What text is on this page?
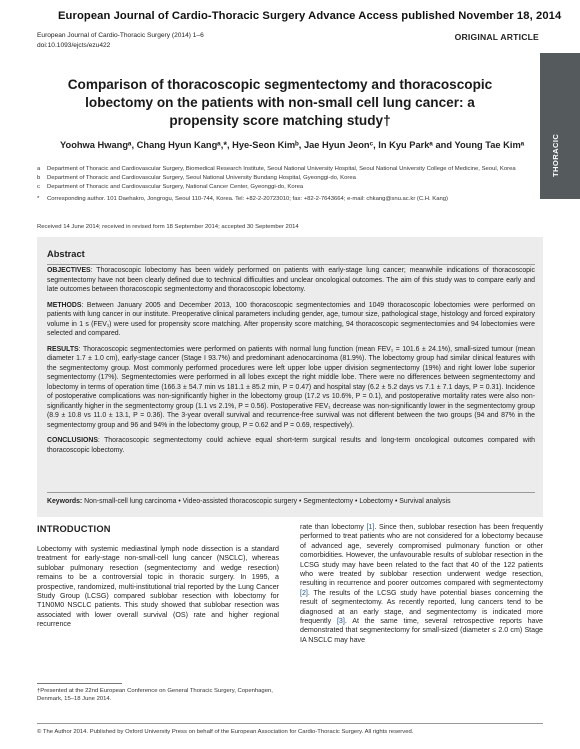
European Journal of Cardio-Thoracic Surgery Advance Access published November 18, 2014
European Journal of Cardio-Thoracic Surgery (2014) 1–6
doi:10.1093/ejcts/ezu422
ORIGINAL ARTICLE
THORACIC
Comparison of thoracoscopic segmentectomy and thoracoscopic lobectomy on the patients with non-small cell lung cancer: a propensity score matching study†
Yoohwa Hwangᵃ, Chang Hyun Kangᵃ,*, Hye-Seon Kimᵇ, Jae Hyun Jeonᶜ, In Kyu Parkᵃ and Young Tae Kimᵃ
a Department of Thoracic and Cardiovascular Surgery, Biomedical Research Institute, Seoul National University Hospital, Seoul National University College of Medicine, Seoul, Korea
b Department of Thoracic and Cardiovascular Surgery, Seoul National University Bundang Hospital, Gyeonggi-do, Korea
c Department of Thoracic and Cardiovascular Surgery, National Cancer Center, Gyeonggi-do, Korea
* Corresponding author. 101 Daehakro, Jongrogu, Seoul 110-744, Korea. Tel: +82-2-20723010; fax: +82-2-7643664; e-mail: chkang@snu.ac.kr (C.H. Kang)
Received 14 June 2014; received in revised form 18 September 2014; accepted 30 September 2014
Abstract

OBJECTIVES: Thoracoscopic lobectomy has been widely performed on patients with early-stage lung cancer; meanwhile indications of thoracoscopic segmentectomy have not been clearly defined due to technical difficulties and unclear oncological outcomes. The aim of this study was to compare early and late outcomes between thoracoscopic segmentectomy and thoracoscopic lobectomy.

METHODS: Between January 2005 and December 2013, 100 thoracoscopic segmentectomies and 1049 thoracoscopic lobectomies were performed on patients with lung cancer in our institute. Preoperative clinical parameters including gender, age, tumour size, pathological stage, histology and forced expiratory volume in 1 s (FEV₁) were used for propensity score matching. After propensity score matching, 94 thoracoscopic segmentectomies and 94 lobectomies were selected and compared.

RESULTS: Thoracoscopic segmentectomies were performed on patients with normal lung function (mean FEV₁ = 101.6 ± 24.1%), small-sized tumour (mean diameter 1.7 ± 1.0 cm), early-stage cancer (Stage I 93.7%) and predominant adenocarcinoma (81.9%). The lobectomy group had similar clinical features with the segmentectomy group. Most commonly performed procedures were left upper lobe upper division segmentectomy (19%) and right lower lobe superior segmentectomy (17%). Segmentectomies were performed in all lobes except the right middle lobe. There were no differences between segmentectomy and lobectomy in terms of operation time (166.3 ± 54.7 min vs 181.1 ± 85.2 min, P = 0.47) and hospital stay (6.2 ± 5.2 days vs 7.1 ± 7.1 days, P = 0.31). Incidence of postoperative complications was non-significantly higher in the lobectomy group (17.2 vs 10.6%, P = 0.1), and postoperative mortality rates were also non-significantly higher in the segmentectomy group (1.1 vs 2.1%, P = 0.56). Postoperative FEV₁ decrease was non-significantly lower in the segmentectomy group (8.9 ± 10.8 vs 11.0 ± 13.1, P = 0.36). The 3-year overall survival and recurrence-free survival was not different between the two groups (94 and 87% in the segmentectomy group and 96 and 94% in the lobectomy group, P = 0.62 and P = 0.69, respectively).

CONCLUSIONS: Thoracoscopic segmentectomy could achieve equal short-term surgical results and long-term oncological outcomes compared with thoracoscopic lobectomy.

Keywords: Non-small-cell lung carcinoma • Video-assisted thoracoscopic surgery • Segmentectomy • Lobectomy • Survival analysis
INTRODUCTION

Lobectomy with systemic mediastinal lymph node dissection is a standard treatment for early-stage non-small-cell lung cancer (NSCLC), whereas sublobar pulmonary resection (segmentectomy and wedge resection) remains to be a controversial topic in thoracic surgery. In 1995, a prospective, randomized, multi-institutional trial reported by the Lung Cancer Study Group (LCSG) compared sublobar resection with lobectomy for T1N0M0 NSCLC patients. This study showed that sublobar resection was associated with lower overall survival (OS) rate and higher regional recurrence

rate than lobectomy [1]. Since then, sublobar resection has been frequently performed to treat patients who are not considered for a lobectomy because of advanced age, severely compromised pulmonary function or other comorbidities. However, the unfavourable results of sublobar resection in the LCSG study may have been related to the fact that 40 of the 122 patients who were treated by sublobar resection underwent wedge resection, resulting in recurrence and poorer outcomes compared with segmentectomy [2]. The results of the LCSG study have potential biases concerning the result of segmentectomy. As recently reported, lung cancers tend to be diagnosed at an early stage, and segmentectomy is indicated more frequently [3]. At the same time, several retrospective reports have demonstrated that segmentectomy for small-sized (diameter ≤ 2.0 cm) Stage IA NSCLC may have

†Presented at the 22nd European Conference on General Thoracic Surgery, Copenhagen, Denmark, 15–18 June 2014.
© The Author 2014. Published by Oxford University Press on behalf of the European Association for Cardio-Thoracic Surgery. All rights reserved.
